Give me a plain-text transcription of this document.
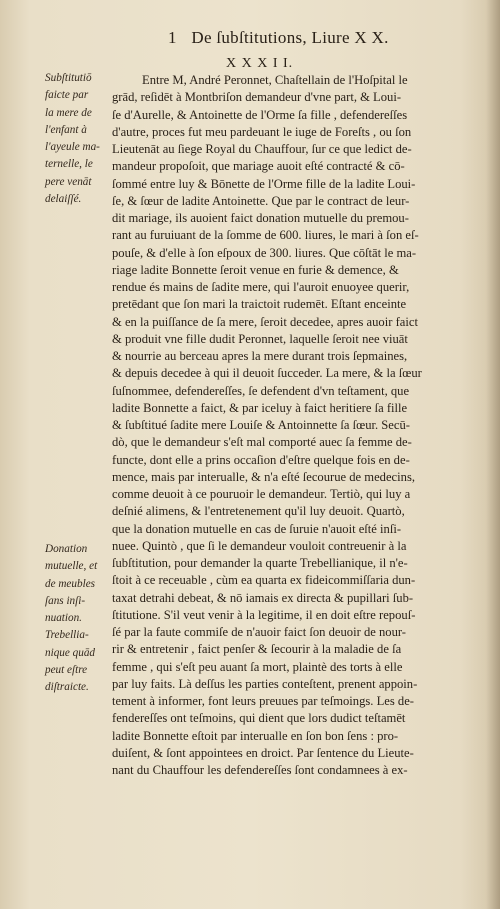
1 De ſubſtitutions, Liure X X.
X X X I I.
Subſtitutiō
faicte par
la mere de
l'enfant à
l'ayeule ma-
ternelle, le
pere venāt
delaiſſé.
Donation
mutuelle, et
de meubles
ſans inſi-
nuation.
Trebellia-
nique quād
peut eſtre
diſtraicte.
Entre M, André Peronnet, Chaſtellain de l'Hoſpital le
grād, reſidēt à Montbriſon demandeur d'vne part, & Loui-
ſe d'Aurelle, & Antoinette de l'Orme ſa fille , defendereſſes
d'autre, proces fut meu pardeuant le iuge de Foreſts , ou ſon
Lieutenāt au ſiege Royal du Chauffour, ſur ce que ledict de-
mandeur propoſoit, que mariage auoit eſté contracté & cō-
ſommé entre luy & Bōnette de l'Orme fille de la ladite Loui-
ſe, & ſœur de ladite Antoinette. Que par le contract de leur-
dit mariage, ils auoient faict donation mutuelle du premou-
rant au furuiuant de la ſomme de 600. liures, le mari à ſon eſ-
pouſe, & d'elle à ſon eſpoux de 300. liures. Que cōſtāt le ma-
riage ladite Bonnette ſeroit venue en furie & demence, &
rendue és mains de ſadite mere, qui l'auroit enuoyee querir,
pretēdant que ſon mari la traictoit rudemēt. Eſtant enceinte
& en la puiſſance de ſa mere, ſeroit decedee, apres auoir faict
& produit vne fille dudit Peronnet, laquelle ſeroit nee viuāt
& nourrie au berceau apres la mere durant trois ſepmaines,
& depuis decedee à qui il deuoit ſucceder. La mere, & la ſœur
ſuſnommee, defendereſſes, ſe defendent d'vn teſtament, que
ladite Bonnette a faict, & par iceluy à faict heritiere ſa fille
& ſubſtitué ſadite mere Louiſe & Antoinnette ſa ſœur. Secū-
dò, que le demandeur s'eſt mal comporté auec ſa femme de-
functe, dont elle a prins occaſion d'eſtre quelque fois en de-
mence, mais par interualle, & n'a eſté ſecourue de medecins,
comme deuoit à ce pouruoir le demandeur. Tertiò, qui luy a
deſnié alimens, & l'entretenement qu'il luy deuoit. Quartò,
que la donation mutuelle en cas de ſuruie n'auoit eſté inſi-
nuee. Quintò , que ſi le demandeur vouloit contreuenir à la
ſubſtitution, pour demander la quarte Trebellianique, il n'e-
ſtoit à ce receuable , cùm ea quarta ex fideicommiſſaria dun-
taxat detrahi debeat, & nō iamais ex directa & pupillari ſub-
ſtitutione. S'il veut venir à la legitime, il en doit eſtre repouſ-
ſé par la faute commiſe de n'auoir faict ſon deuoir de nour-
rir & entretenir , faict penſer & ſecourir à la maladie de ſa
femme , qui s'eſt peu auant ſa mort, plaintè des torts à elle
par luy faits. Là deſſus les parties conteſtent, prenent appoin-
tement à informer, font leurs preuues par teſmoings. Les de-
fendereſſes ont teſmoins, qui dient que lors dudict teſtamēt
ladite Bonnette eſtoit par interualle en ſon bon ſens : pro-
duiſent, & ſont appointees en droict. Par ſentence du Lieute-
nant du Chauffour les defendereſſes ſont condamnees à ex-
